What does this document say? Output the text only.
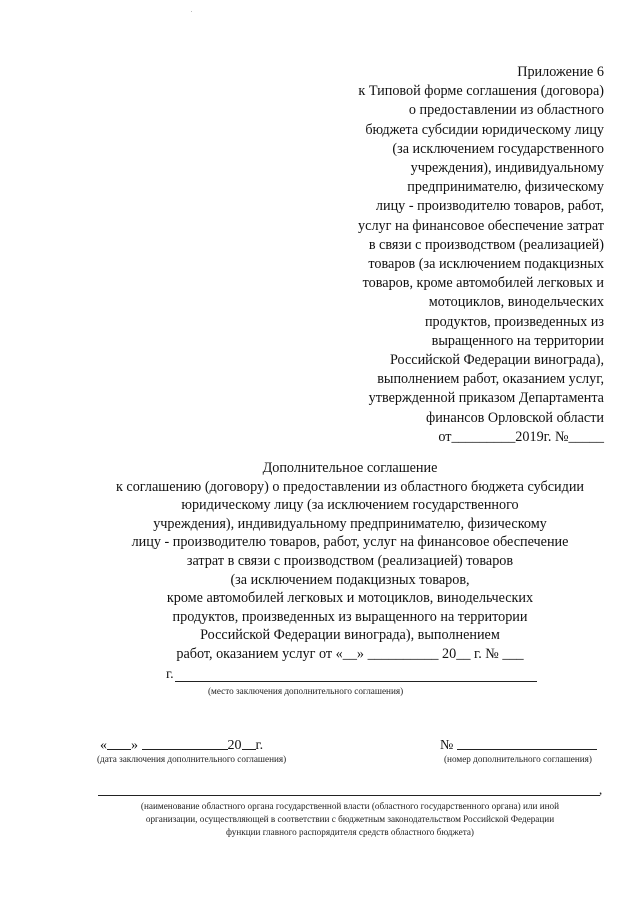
Приложение 6
к Типовой форме соглашения (договора)
о предоставлении из областного
бюджета субсидии юридическому лицу
(за исключением государственного
учреждения), индивидуальному
предпринимателю, физическому
лицу - производителю товаров, работ,
услуг на финансовое обеспечение затрат
в связи с производством (реализацией)
товаров (за исключением подакцизных
товаров, кроме автомобилей легковых и
мотоциклов, винодельческих
продуктов, произведенных из
выращенного на территории
Российской Федерации винограда),
выполнением работ, оказанием услуг,
утвержденной приказом Департамента
финансов Орловской области
от_________2019г. №_____
Дополнительное соглашение
к соглашению (договору) о предоставлении из областного бюджета субсидии
юридическому лицу (за исключением государственного
учреждения), индивидуальному предпринимателю, физическому
лицу - производителю товаров, работ, услуг на финансовое обеспечение
затрат в связи с производством (реализацией) товаров
(за исключением подакцизных товаров,
кроме автомобилей легковых и мотоциклов, винодельческих
продуктов, произведенных из выращенного на территории
Российской Федерации винограда), выполнением
работ, оказанием услуг от «__» __________ 20__ г. № ___
г.
(место заключения дополнительного соглашения)
« »	20 г.
(дата заключения дополнительного соглашения)
№
(номер дополнительного соглашения)
,
(наименование областного органа государственной власти (областного государственного органа) или иной
организации, осуществляющей в соответствии с бюджетным законодательством Российской Федерации
функции главного распорядителя средств областного бюджета)
